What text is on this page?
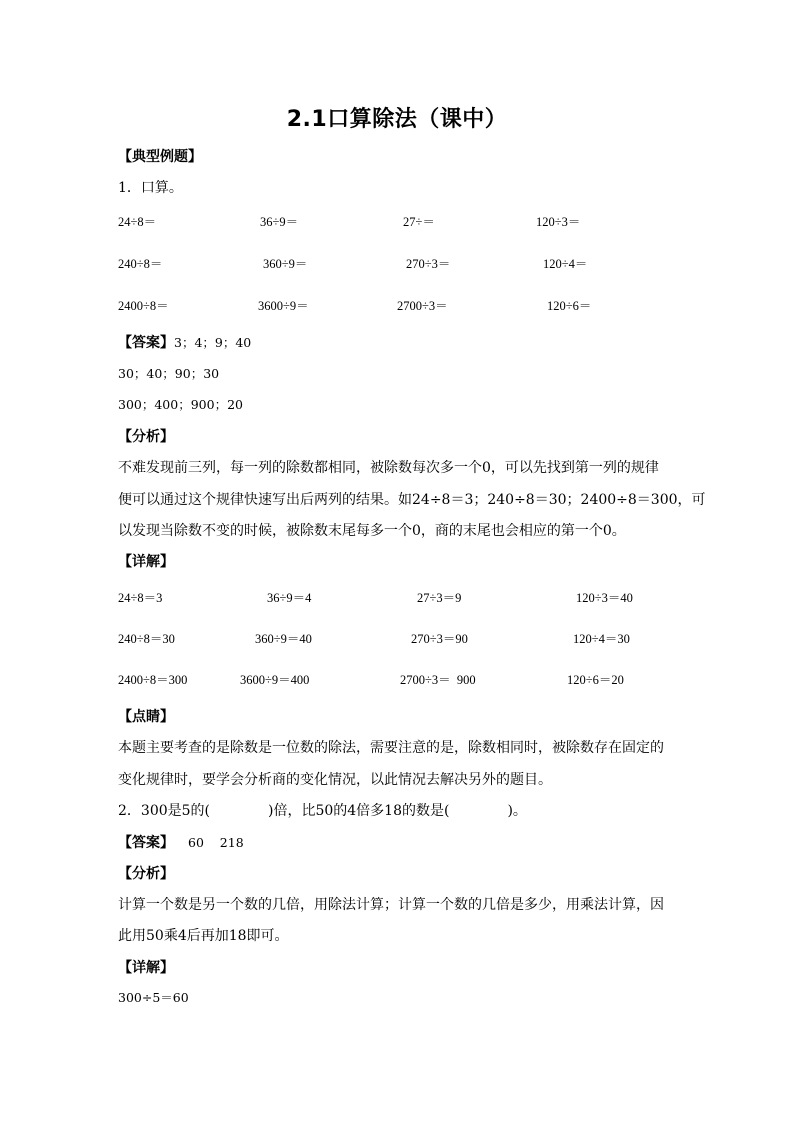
2.1口算除法（课中）
【典型例题】
1．口算。
24÷8＝	36÷9＝	27÷＝	120÷3＝
240÷8＝	360÷9＝	270÷3＝	120÷4＝
2400÷8＝	3600÷9＝	2700÷3＝	120÷6＝
【答案】3；4；9；40
30；40；90；30
300；400；900；20
【分析】
不难发现前三列，每一列的除数都相同，被除数每次多一个0，可以先找到第一列的规律
便可以通过这个规律快速写出后两列的结果。如24÷8＝3；240÷8＝30；2400÷8＝300，可
以发现当除数不变的时候，被除数末尾每多一个0，商的末尾也会相应的第一个0。
【详解】
24÷8＝3	36÷9＝4	27÷3＝9	120÷3＝40
240÷8＝30	360÷9＝40	270÷3＝90	120÷4＝30
2400÷8＝300	3600÷9＝400	2700÷3＝  900	120÷6＝20
【点睛】
本题主要考查的是除数是一位数的除法，需要注意的是，除数相同时，被除数存在固定的
变化规律时，要学会分析商的变化情况，以此情况去解决另外的题目。
2．300是5的(	)倍，比50的4倍多18的数是(	)。
【答案】 60    218
【分析】
计算一个数是另一个数的几倍，用除法计算；计算一个数的几倍是多少，用乘法计算，因
此用50乘4后再加18即可。
【详解】
300÷5＝60
